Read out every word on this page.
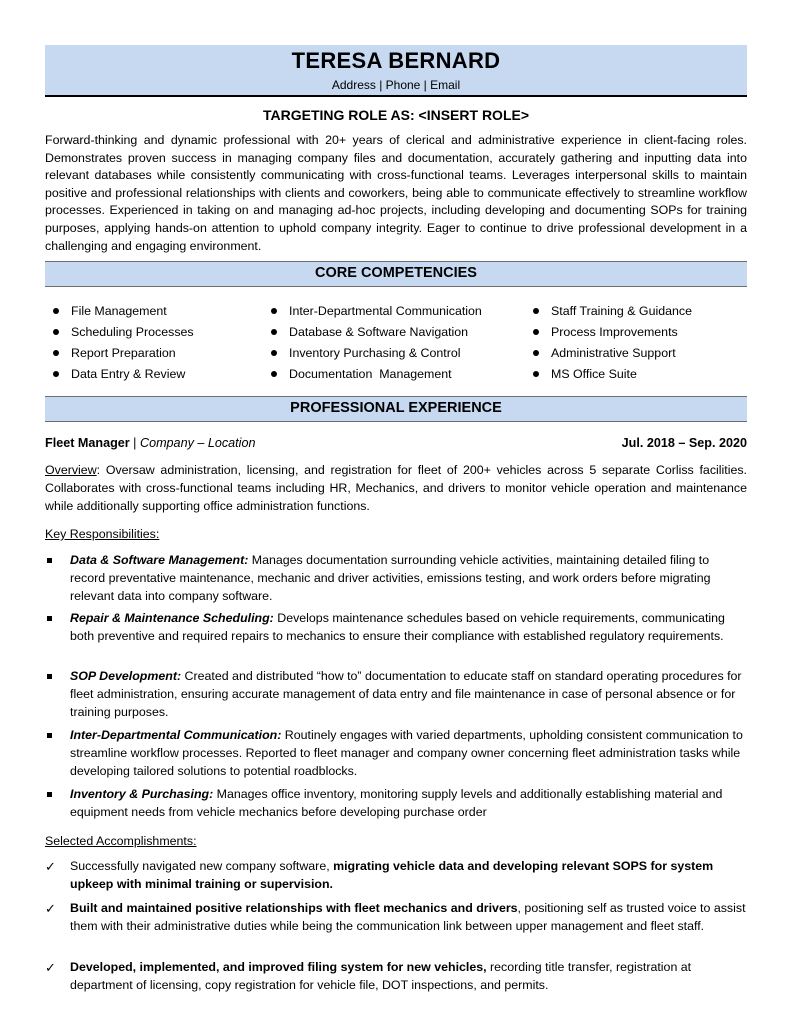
TERESA BERNARD
Address | Phone | Email
TARGETING ROLE AS: <INSERT ROLE>
Forward-thinking and dynamic professional with 20+ years of clerical and administrative experience in client-facing roles. Demonstrates proven success in managing company files and documentation, accurately gathering and inputting data into relevant databases while consistently communicating with cross-functional teams. Leverages interpersonal skills to maintain positive and professional relationships with clients and coworkers, being able to communicate effectively to streamline workflow processes. Experienced in taking on and managing ad-hoc projects, including developing and documenting SOPs for training purposes, applying hands-on attention to uphold company integrity. Eager to continue to drive professional development in a challenging and engaging environment.
CORE COMPETENCIES
File Management
Scheduling Processes
Report Preparation
Data Entry & Review
Inter-Departmental Communication
Database & Software Navigation
Inventory Purchasing & Control
Documentation  Management
Staff Training & Guidance
Process Improvements
Administrative Support
MS Office Suite
PROFESSIONAL EXPERIENCE
Fleet Manager | Company – Location	Jul. 2018 – Sep. 2020
Overview: Oversaw administration, licensing, and registration for fleet of 200+ vehicles across 5 separate Corliss facilities. Collaborates with cross-functional teams including HR, Mechanics, and drivers to monitor vehicle operation and maintenance while additionally supporting office administration functions.
Key Responsibilities:
Data & Software Management: Manages documentation surrounding vehicle activities, maintaining detailed filing to record preventative maintenance, mechanic and driver activities, emissions testing, and work orders before migrating relevant data into company software.
Repair & Maintenance Scheduling: Develops maintenance schedules based on vehicle requirements, communicating both preventive and required repairs to mechanics to ensure their compliance with established regulatory requirements.
SOP Development: Created and distributed “how to” documentation to educate staff on standard operating procedures for fleet administration, ensuring accurate management of data entry and file maintenance in case of personal absence or for training purposes.
Inter-Departmental Communication: Routinely engages with varied departments, upholding consistent communication to streamline workflow processes. Reported to fleet manager and company owner concerning fleet administration tasks while developing tailored solutions to potential roadblocks.
Inventory & Purchasing: Manages office inventory, monitoring supply levels and additionally establishing material and equipment needs from vehicle mechanics before developing purchase order
Selected Accomplishments:
✓ Successfully navigated new company software, migrating vehicle data and developing relevant SOPS for system upkeep with minimal training or supervision.
✓ Built and maintained positive relationships with fleet mechanics and drivers, positioning self as trusted voice to assist them with their administrative duties while being the communication link between upper management and fleet staff.
✓ Developed, implemented, and improved filing system for new vehicles, recording title transfer, registration at department of licensing, copy registration for vehicle file, DOT inspections, and permits.
